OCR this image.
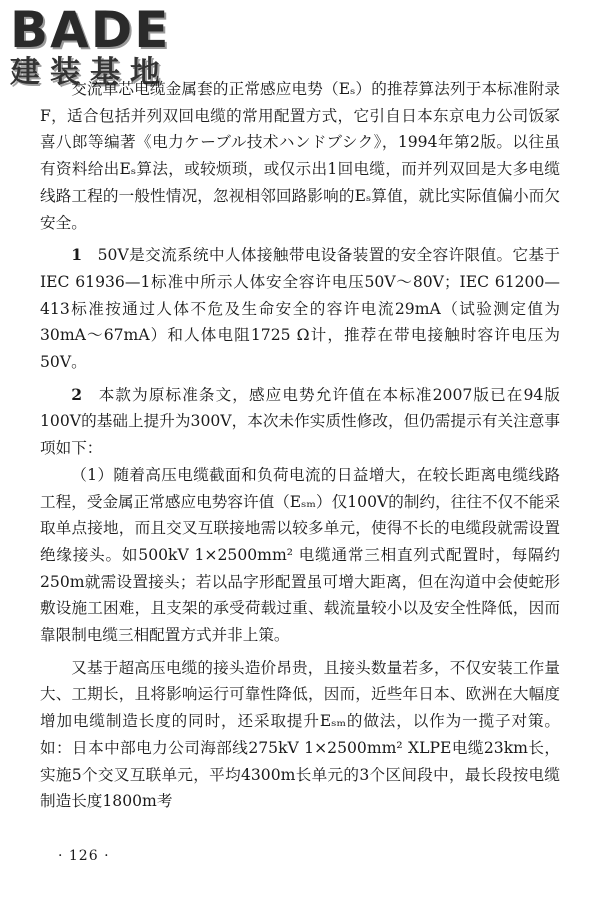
BADE
建装基地

交流单芯电缆金属套的正常感应电势（Eₛ）的推荐算法列于本标准附录F，适合包括并列双回电缆的常用配置方式，它引自日本东京电力公司饭冢喜八郎等编著《电力ケーブル技术ハンドブシク》，1994年第2版。以往虽有资料给出Eₛ算法，或较烦琐，或仅示出1回电缆，而并列双回是大多电缆线路工程的一般性情况，忽视相邻回路影响的Eₛ算值，就比实际值偏小而欠安全。

1  50V是交流系统中人体接触带电设备装置的安全容许限值。它基于IEC 61936—1标准中所示人体安全容许电压50V～80V；IEC 61200—413标准按通过人体不危及生命安全的容许电流29mA（试验测定值为30mA～67mA）和人体电阻1725 Ω计，推荐在带电接触时容许电压为50V。

2  本款为原标准条文，感应电势允许值在本标准2007版已在94版100V的基础上提升为300V，本次未作实质性修改，但仍需提示有关注意事项如下：

（1）随着高压电缆截面和负荷电流的日益增大，在较长距离电缆线路工程，受金属正常感应电势容许值（Eₛₘ）仅100V的制约，往往不仅不能采取单点接地，而且交叉互联接地需以较多单元，使得不长的电缆段就需设置绝缘接头。如500kV 1×2500mm² 电缆通常三相直列式配置时，每隔约250m就需设置接头；若以品字形配置虽可增大距离，但在沟道中会使蛇形敷设施工困难，且支架的承受荷载过重、载流量较小以及安全性降低，因而靠限制电缆三相配置方式并非上策。

又基于超高压电缆的接头造价昂贵，且接头数量若多，不仅安装工作量大、工期长，且将影响运行可靠性降低，因而，近些年日本、欧洲在大幅度增加电缆制造长度的同时，还采取提升Eₛₘ的做法，以作为一揽子对策。如：日本中部电力公司海部线275kV 1×2500mm² XLPE电缆23km长，实施5个交叉互联单元，平均4300m长单元的3个区间段中，最长段按电缆制造长度1800m考

· 126 ·
